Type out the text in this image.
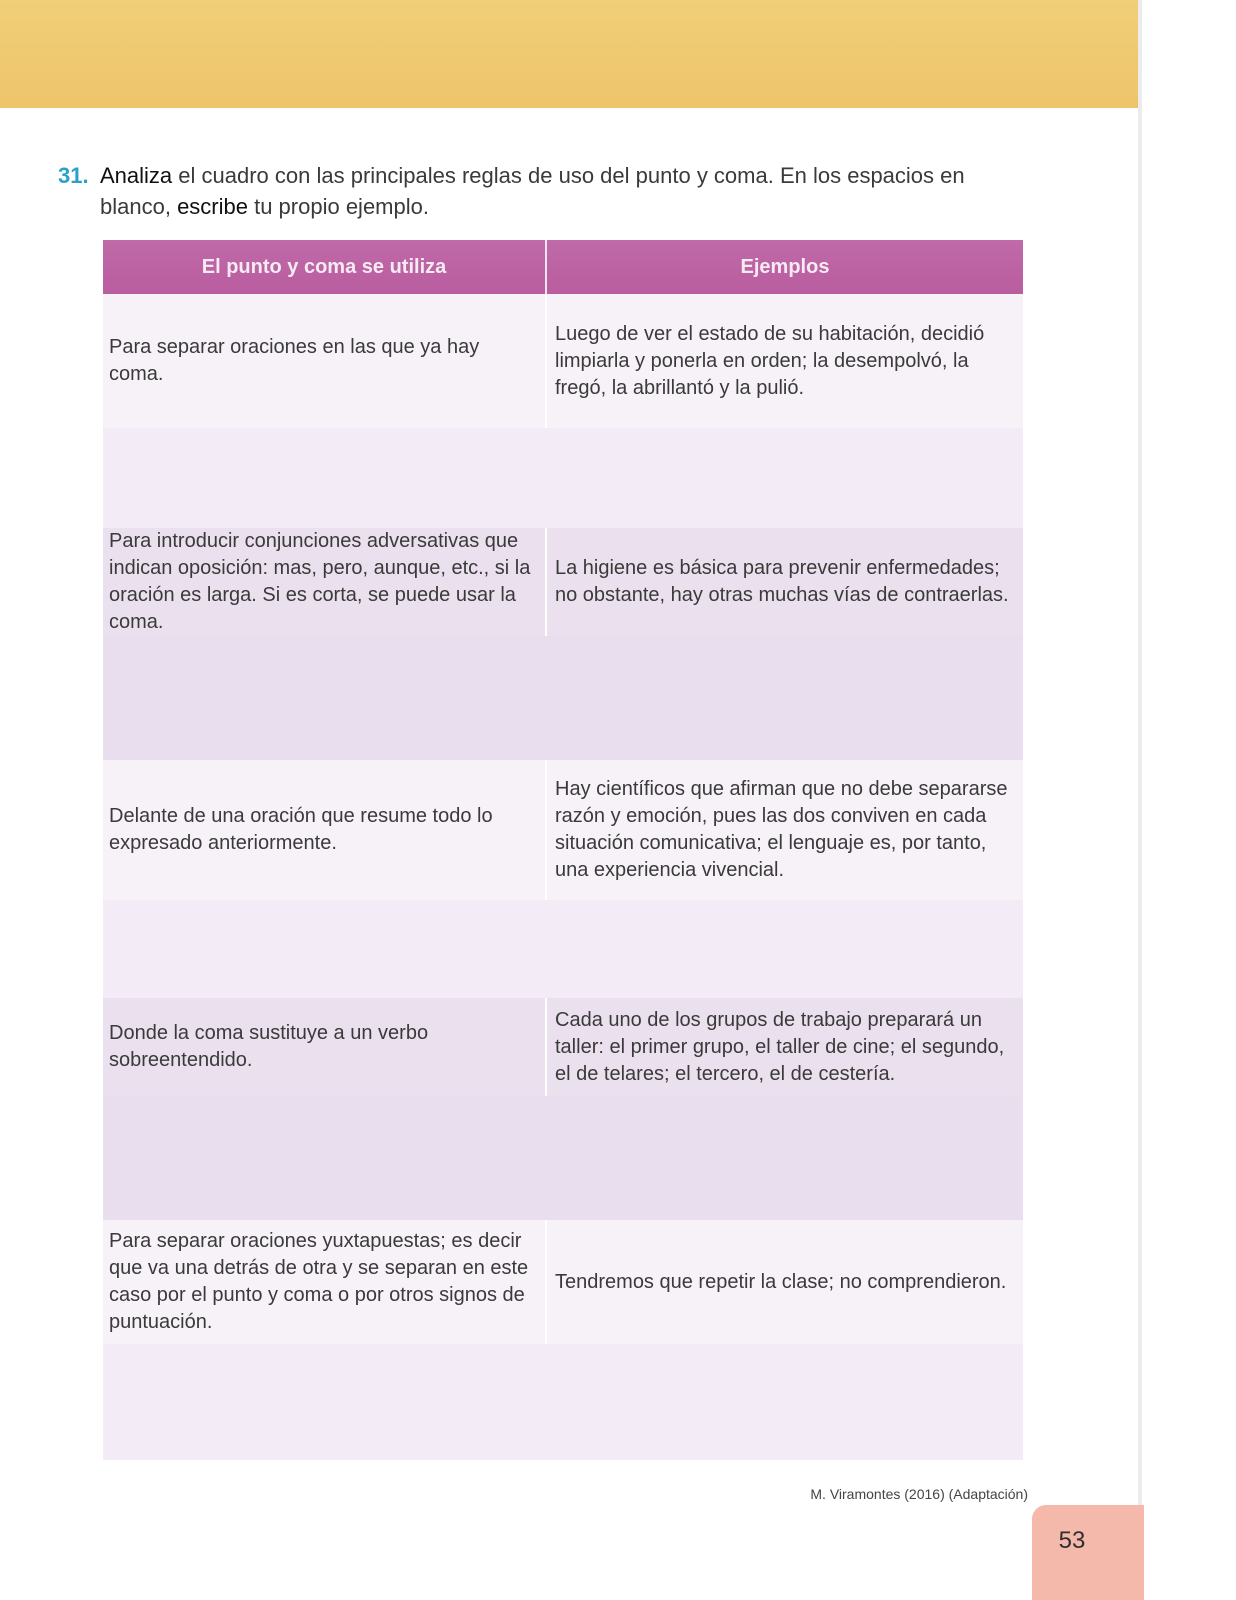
31. Analiza el cuadro con las principales reglas de uso del punto y coma. En los espacios en blanco, escribe tu propio ejemplo.
El punto y coma se utiliza	Ejemplos
Para separar oraciones en las que ya hay coma.
Luego de ver el estado de su habitación, decidió limpiarla y ponerla en orden; la desempolvó, la fregó, la abrillantó y la pulió.
Para introducir conjunciones adversativas que indican oposición: mas, pero, aunque, etc., si la oración es larga. Si es corta, se puede usar la coma.
La higiene es básica para prevenir enfermedades; no obstante, hay otras muchas vías de contraerlas.
Delante de una oración que resume todo lo expresado anteriormente.
Hay científicos que afirman que no debe separarse razón y emoción, pues las dos conviven en cada situación comunicativa; el lenguaje es, por tanto, una experiencia vivencial.
Donde la coma sustituye a un verbo sobreentendido.
Cada uno de los grupos de trabajo preparará un taller: el primer grupo, el taller de cine; el segundo, el de telares; el tercero, el de cestería.
Para separar oraciones yuxtapuestas; es decir que va una detrás de otra y se separan en este caso por el punto y coma o por otros signos de puntuación.
Tendremos que repetir la clase; no comprendieron.
M. Viramontes (2016) (Adaptación)
53
